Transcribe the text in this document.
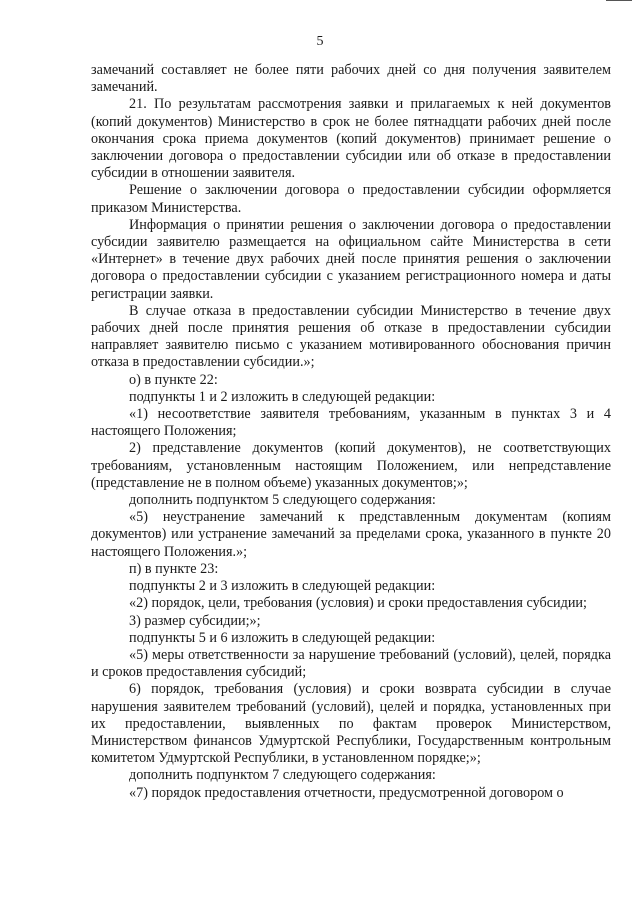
5

замечаний составляет не более пяти рабочих дней со дня получения заявителем замечаний.

21. По результатам рассмотрения заявки и прилагаемых к ней документов (копий документов) Министерство в срок не более пятнадцати рабочих дней после окончания срока приема документов (копий документов) принимает решение о заключении договора о предоставлении субсидии или об отказе в предоставлении субсидии в отношении заявителя.

Решение о заключении договора о предоставлении субсидии оформляется приказом Министерства.

Информация о принятии решения о заключении договора о предоставлении субсидии заявителю размещается на официальном сайте Министерства в сети «Интернет» в течение двух рабочих дней после принятия решения о заключении договора о предоставлении субсидии с указанием регистрационного номера и даты регистрации заявки.

В случае отказа в предоставлении субсидии Министерство в течение двух рабочих дней после принятия решения об отказе в предоставлении субсидии направляет заявителю письмо с указанием мотивированного обоснования причин отказа в предоставлении субсидии.»;

о) в пункте 22:

подпункты 1 и 2 изложить в следующей редакции:

«1) несоответствие заявителя требованиям, указанным в пунктах 3 и 4 настоящего Положения;

2) представление документов (копий документов), не соответствующих требованиям, установленным настоящим Положением, или непредставление (представление не в полном объеме) указанных документов;»;

дополнить подпунктом 5 следующего содержания:

«5) неустранение замечаний к представленным документам (копиям документов) или устранение замечаний за пределами срока, указанного в пункте 20 настоящего Положения.»;

п) в пункте 23:

подпункты 2 и 3 изложить в следующей редакции:

«2) порядок, цели, требования (условия) и сроки предоставления субсидии;

3) размер субсидии;»;

подпункты 5 и 6 изложить в следующей редакции:

«5) меры ответственности за нарушение требований (условий), целей, порядка и сроков предоставления субсидий;

6) порядок, требования (условия) и сроки возврата субсидии в случае нарушения заявителем требований (условий), целей и порядка, установленных при их предоставлении, выявленных по фактам проверок Министерством, Министерством финансов Удмуртской Республики, Государственным контрольным комитетом Удмуртской Республики, в установленном порядке;»;

дополнить подпунктом 7 следующего содержания:

«7) порядок предоставления отчетности, предусмотренной договором о
